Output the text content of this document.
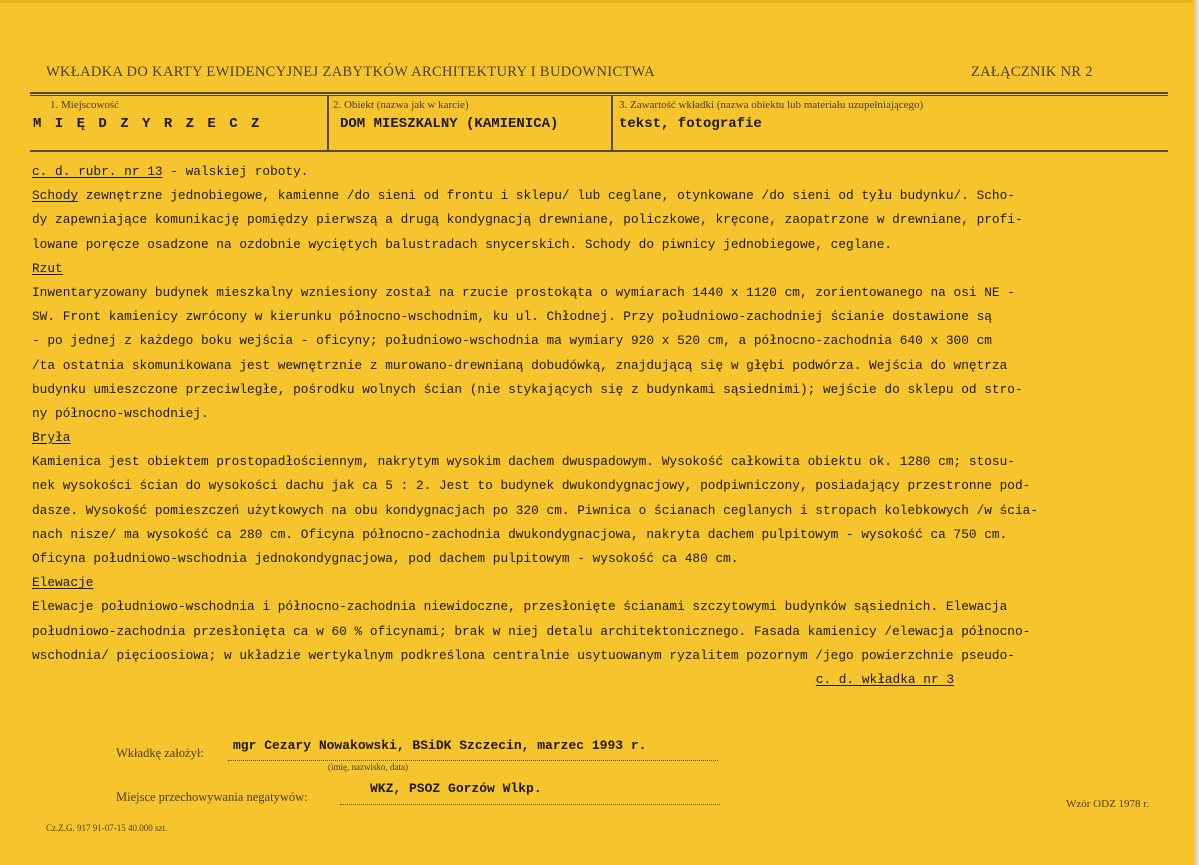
WKŁADKA DO KARTY EWIDENCYJNEJ ZABYTKÓW ARCHITEKTURY I BUDOWNICTWA	ZAŁĄCZNIK NR 2
1. Miejscowość
M I Ę D Z Y R Z E C Z
2. Obiekt (nazwa jak w karcie)
DOM MIESZKALNY (KAMIENICA)
3. Zawartość wkładki (nazwa obiektu lub materiału uzupełniającego)
tekst, fotografie
c. d. rubr. nr 13 - walskiej roboty.
Schody zewnętrzne jednobiegowe, kamienne /do sieni od frontu i sklepu/ lub ceglane, otynkowane /do sieni od tyłu budynku/. Scho-
dy zapewniające komunikację pomiędzy pierwszą a drugą kondygnacją drewniane, policzkowe, kręcone, zaopatrzone w drewniane, profi-
lowane poręcze osadzone na ozdobnie wyciętych balustradach snycerskich. Schody do piwnicy jednobiegowe, ceglane.
Rzut
Inwentaryzowany budynek mieszkalny wzniesiony został na rzucie prostokąta o wymiarach 1440 x 1120 cm, zorientowanego na osi NE -
SW. Front kamienicy zwrócony w kierunku północno-wschodnim, ku ul. Chłodnej. Przy południowo-zachodniej ścianie dostawione są
- po jednej z każdego boku wejścia - oficyny; południowo-wschodnia ma wymiary 920 x 520 cm, a północno-zachodnia 640 x 300 cm
/ta ostatnia skomunikowana jest wewnętrznie z murowano-drewnianą dobudówką, znajdującą się w głębi podwórza. Wejścia do wnętrza
budynku umieszczone przeciwległe, pośrodku wolnych ścian (nie stykających się z budynkami sąsiednimi); wejście do sklepu od stro-
ny północno-wschodniej.
Bryła
Kamienica jest obiektem prostopadłościennym, nakrytym wysokim dachem dwuspadowym. Wysokość całkowita obiektu ok. 1280 cm; stosu-
nek wysokości ścian do wysokości dachu jak ca 5 : 2. Jest to budynek dwukondygnacjowy, podpiwniczony, posiadający przestronne pod-
dasze. Wysokość pomieszczeń użytkowych na obu kondygnacjach po 320 cm. Piwnica o ścianach ceglanych i stropach kolebkowych /w ścia-
nach nisze/ ma wysokość ca 280 cm. Oficyna północno-zachodnia dwukondygnacjowa, nakryta dachem pulpitowym - wysokość ca 750 cm.
Oficyna południowo-wschodnia jednokondygnacjowa, pod dachem pulpitowym - wysokość ca 480 cm.
Elewacje
Elewacje południowo-wschodnia i północno-zachodnia niewidoczne, przesłonięte ścianami szczytowymi budynków sąsiednich. Elewacja
południowo-zachodnia przesłonięta ca w 60 % oficynami; brak w niej detalu architektonicznego. Fasada kamienicy /elewacja północno-
wschodnia/ pięcioosiowa; w układzie wertykalnym podkreślona centralnie usytuowanym ryzalitem pozornym /jego powierzchnie pseudo-
c. d. wkładka nr 3
Wkładkę założył: mgr Cezary Nowakowski, BSiDK Szczecin, marzec 1993 r.
(imię, nazwisko, data)
Miejsce przechowywania negatywów:
WKZ, PSOZ Gorzów Wlkp.
Cz.Z.G. 917 91-07-15 40.000 szt.
Wzór ODZ 1978 r.
